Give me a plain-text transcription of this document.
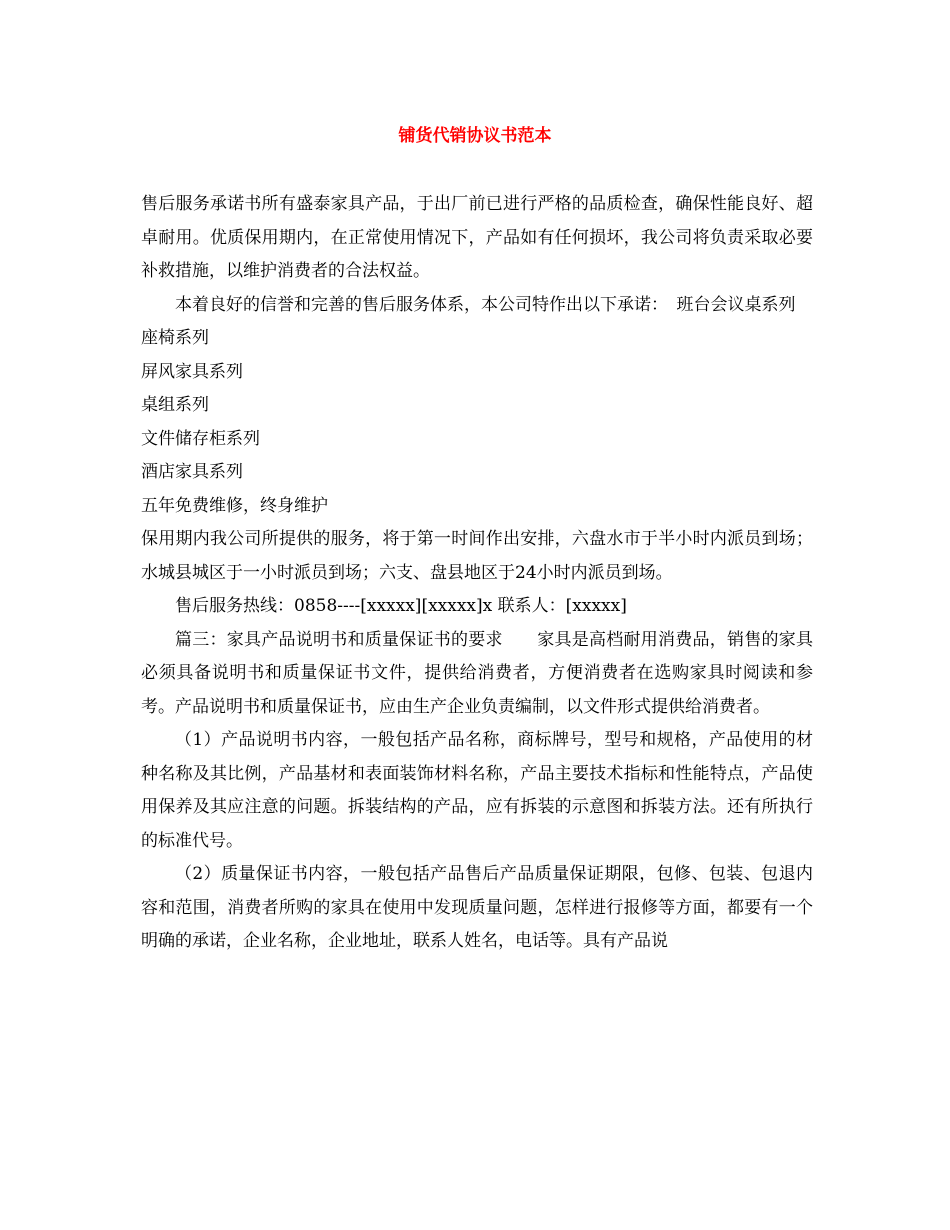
铺货代销协议书范本

售后服务承诺书所有盛泰家具产品，于出厂前已进行严格的品质检查，确保性能良好、超卓耐用。优质保用期内，在正常使用情况下，产品如有任何损坏，我公司将负责采取必要补救措施，以维护消费者的合法权益。

本着良好的信誉和完善的售后服务体系，本公司特作出以下承诺：　班台会议桌系列

座椅系列

屏风家具系列

桌组系列

文件储存柜系列

酒店家具系列

五年免费维修，终身维护

保用期内我公司所提供的服务，将于第一时间作出安排，六盘水市于半小时内派员到场；水城县城区于一小时派员到场；六支、盘县地区于24小时内派员到场。

售后服务热线：0858----[xxxxx][xxxxx]x 联系人：[xxxxx]

篇三：家具产品说明书和质量保证书的要求　　家具是高档耐用消费品，销售的家具必须具备说明书和质量保证书文件，提供给消费者，方便消费者在选购家具时阅读和参考。产品说明书和质量保证书，应由生产企业负责编制，以文件形式提供给消费者。

（1）产品说明书内容，一般包括产品名称，商标牌号，型号和规格，产品使用的材种名称及其比例，产品基材和表面装饰材料名称，产品主要技术指标和性能特点，产品使用保养及其应注意的问题。拆装结构的产品，应有拆装的示意图和拆装方法。还有所执行的标准代号。

（2）质量保证书内容，一般包括产品售后产品质量保证期限，包修、包装、包退内容和范围，消费者所购的家具在使用中发现质量问题，怎样进行报修等方面，都要有一个明确的承诺，企业名称，企业地址，联系人姓名，电话等。具有产品说
